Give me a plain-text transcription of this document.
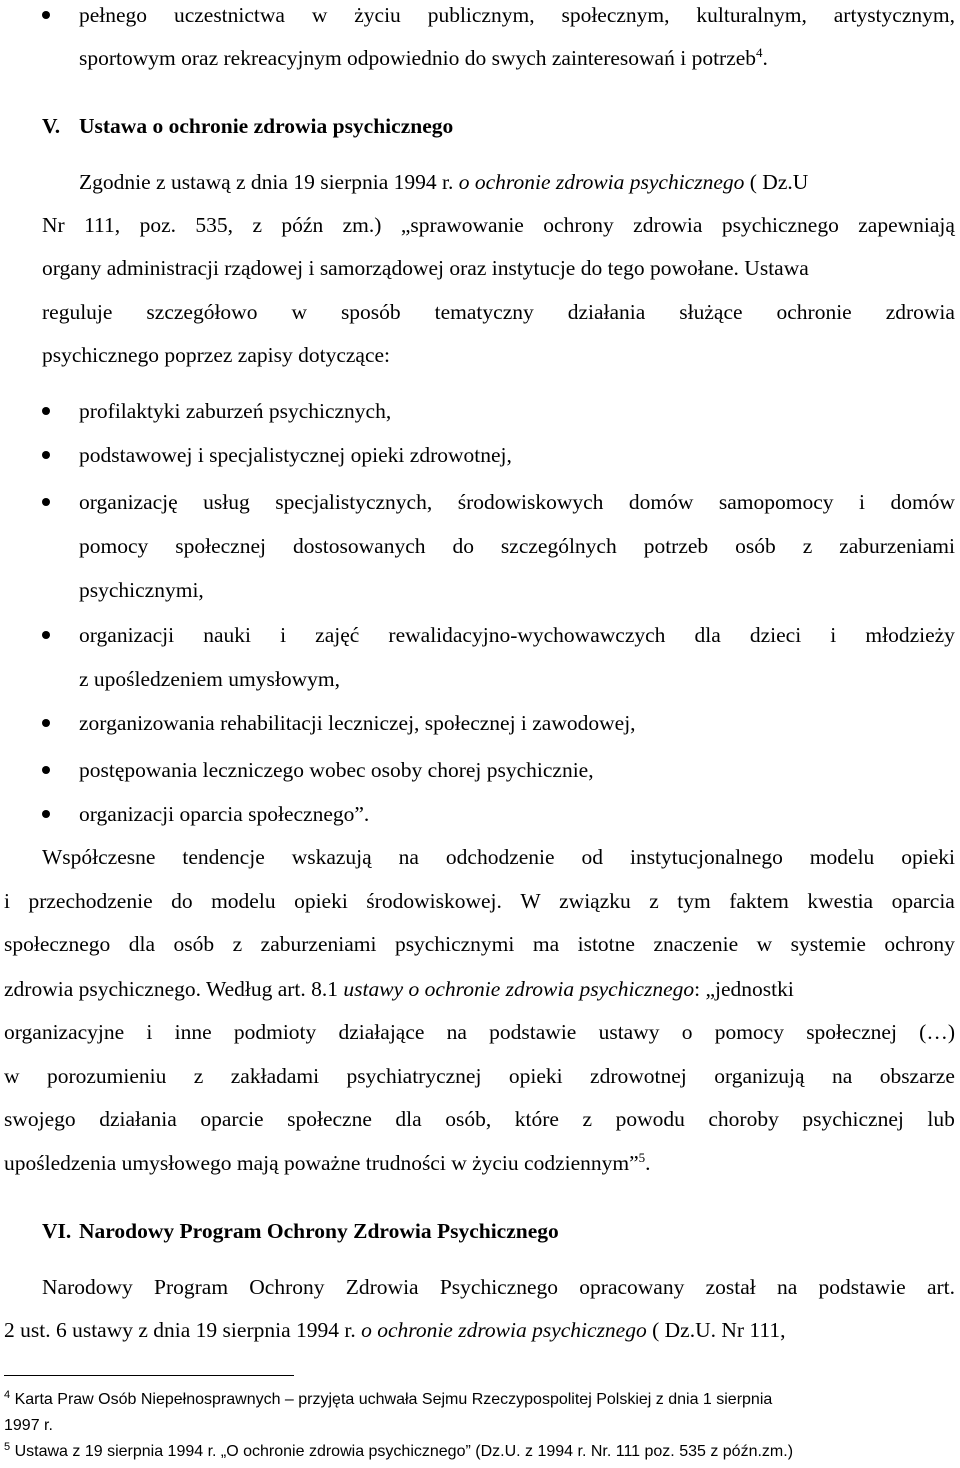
pełnego uczestnictwa w życiu publicznym, społecznym, kulturalnym, artystycznym,
sportowym oraz rekreacyjnym odpowiednio do swych zainteresowań i potrzeb$^4$.
V. Ustawa o ochronie zdrowia psychicznego
Zgodnie z ustawą z dnia 19 sierpnia 1994 r. o ochronie zdrowia psychicznego ( Dz.U
Nr 111, poz. 535, z późn zm.) „sprawowanie ochrony zdrowia psychicznego zapewniają
organy administracji rządowej i samorządowej oraz instytucje do tego powołane. Ustawa
reguluje szczegółowo w sposób tematyczny działania służące ochronie zdrowia
psychicznego poprzez zapisy dotyczące:
profilaktyki zaburzeń psychicznych,
podstawowej i specjalistycznej opieki zdrowotnej,
organizację usług specjalistycznych, środowiskowych domów samopomocy i domów
pomocy społecznej dostosowanych do szczególnych potrzeb osób z zaburzeniami
psychicznymi,
organizacji nauki i zajęć rewalidacyjno-wychowawczych dla dzieci i młodzieży
z upośledzeniem umysłowym,
zorganizowania rehabilitacji leczniczej, społecznej i zawodowej,
postępowania leczniczego wobec osoby chorej psychicznie,
organizacji oparcia społecznego”.
Współczesne tendencje wskazują na odchodzenie od instytucjonalnego modelu opieki
i przechodzenie do modelu opieki środowiskowej. W związku z tym faktem kwestia oparcia
społecznego dla osób z zaburzeniami psychicznymi ma istotne znaczenie w systemie ochrony
zdrowia psychicznego. Według art. 8.1 ustawy o ochronie zdrowia psychicznego: „jednostki
organizacyjne i inne podmioty działające na podstawie ustawy o pomocy społecznej (…)
w porozumieniu z zakładami psychiatrycznej opieki zdrowotnej organizują na obszarze
swojego działania oparcie społeczne dla osób, które z powodu choroby psychicznej lub
upośledzenia umysłowego mają poważne trudności w życiu codziennym”$^5$.
VI. Narodowy Program Ochrony Zdrowia Psychicznego
Narodowy Program Ochrony Zdrowia Psychicznego opracowany został na podstawie art.
2 ust. 6 ustawy z dnia 19 sierpnia 1994 r. o ochronie zdrowia psychicznego ( Dz.U. Nr 111,
$^4$ Karta Praw Osób Niepełnosprawnych – przyjęta uchwała Sejmu Rzeczypospolitej Polskiej z dnia 1 sierpnia
1997 r.
$^5$ Ustawa z 19 sierpnia 1994 r. „O ochronie zdrowia psychicznego” (Dz.U. z 1994 r. Nr. 111 poz. 535 z późn.zm.)
